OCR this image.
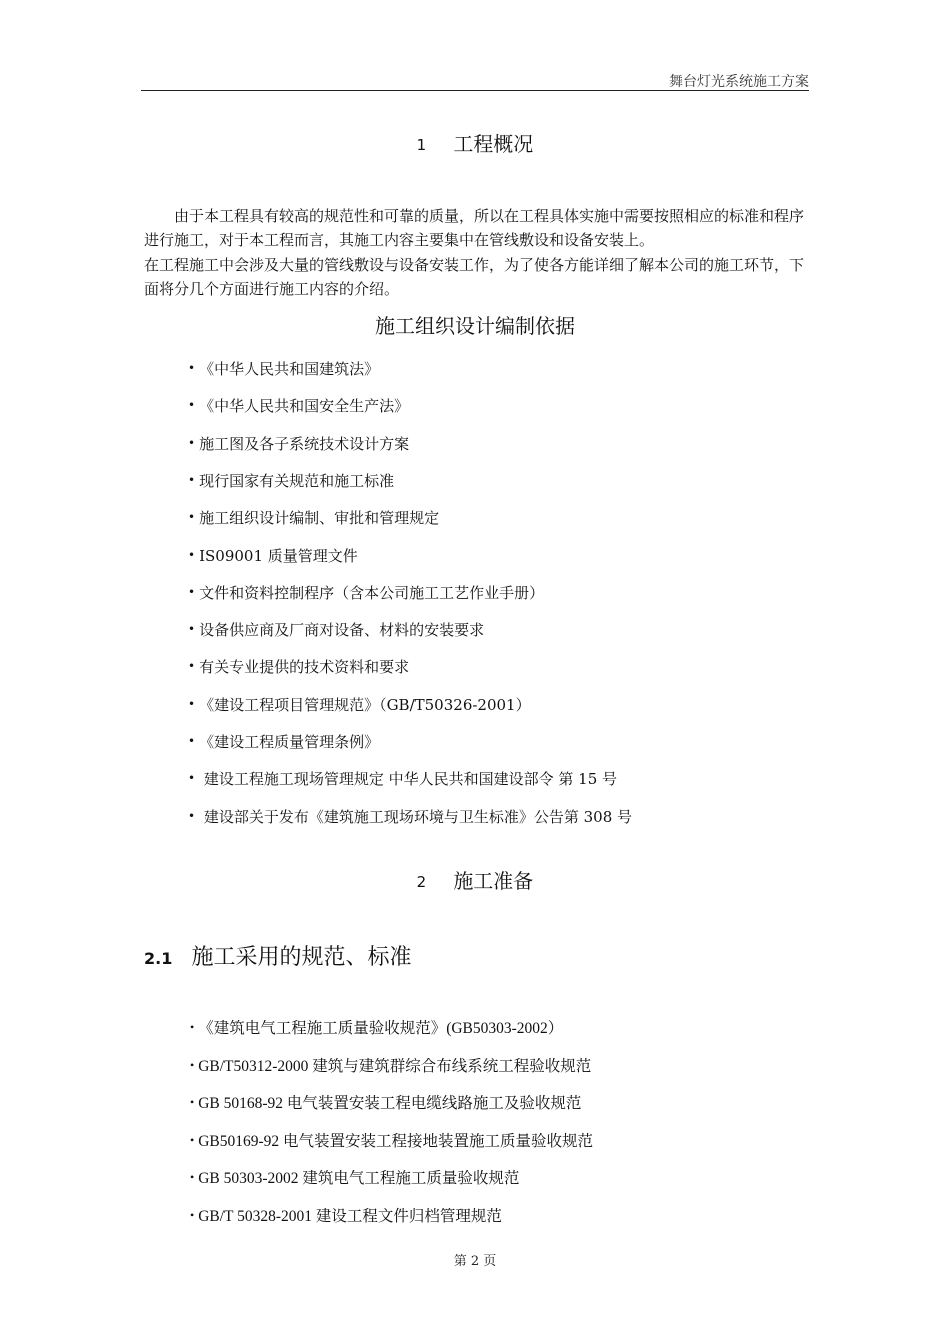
舞台灯光系统施工方案
1 工程概况

由于本工程具有较高的规范性和可靠的质量，所以在工程具体实施中需要按照相应的标准和程序进行施工，对于本工程而言，其施工内容主要集中在管线敷设和设备安装上。

在工程施工中会涉及大量的管线敷设与设备安装工作，为了使各方能详细了解本公司的施工环节，下面将分几个方面进行施工内容的介绍。

施工组织设计编制依据
• 《中华人民共和国建筑法》
• 《中华人民共和国安全生产法》
• 施工图及各子系统技术设计方案
• 现行国家有关规范和施工标准
• 施工组织设计编制、审批和管理规定
• IS09001 质量管理文件
• 文件和资料控制程序（含本公司施工工艺作业手册）
• 设备供应商及厂商对设备、材料的安装要求
• 有关专业提供的技术资料和要求
• 《建设工程项目管理规范》（GB/T50326-2001）
• 《建设工程质量管理条例》
• 建设工程施工现场管理规定 中华人民共和国建设部令 第 15 号
• 建设部关于发布《建筑施工现场环境与卫生标准》公告第 308 号
2 施工准备
2.1 施工采用的规范、标准
• 《建筑电气工程施工质量验收规范》(GB50303-2002）
• GB/T50312-2000 建筑与建筑群综合布线系统工程验收规范
• GB 50168-92 电气装置安装工程电缆线路施工及验收规范
• GB50169-92 电气装置安装工程接地装置施工质量验收规范
• GB 50303-2002 建筑电气工程施工质量验收规范
• GB/T 50328-2001 建设工程文件归档管理规范
第 2 页
